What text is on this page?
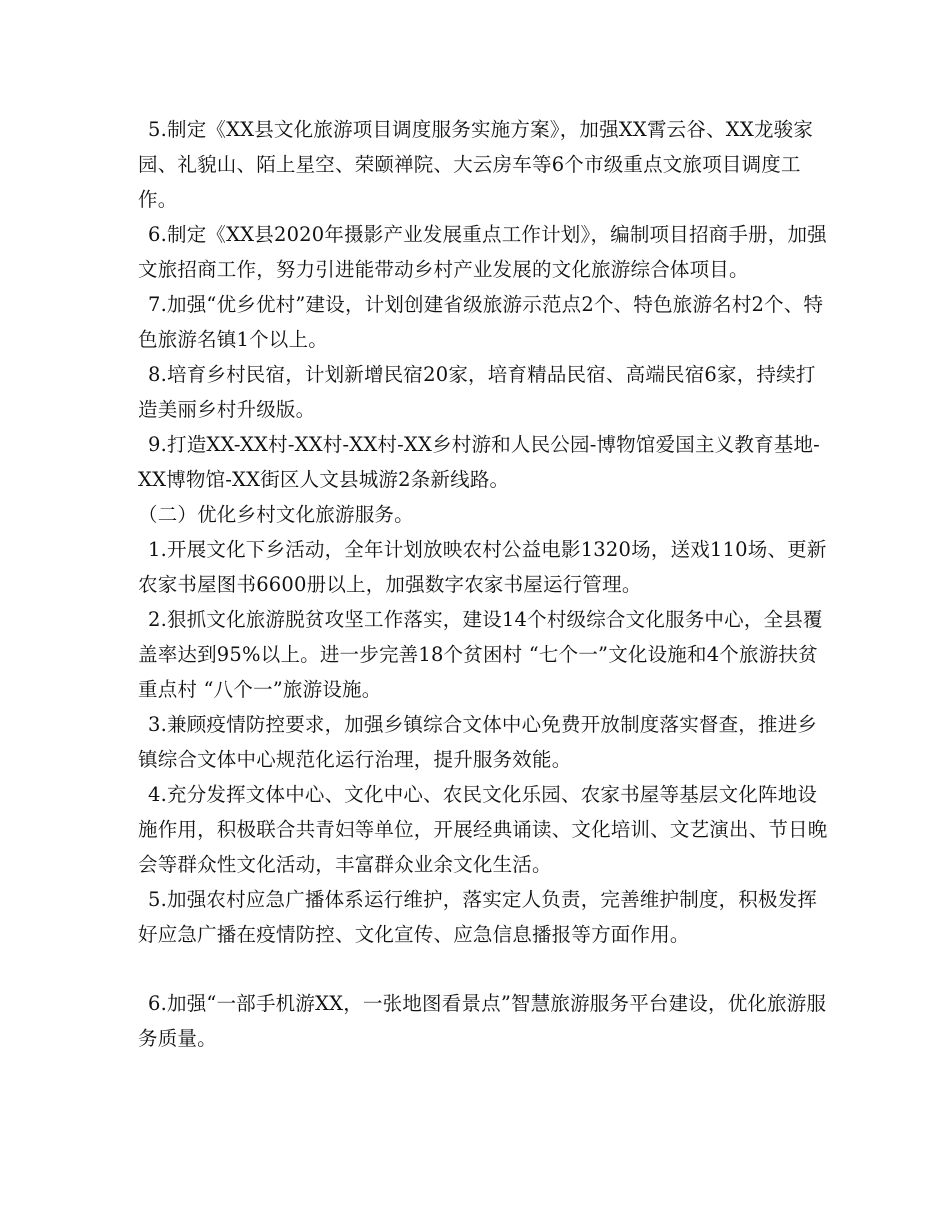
5.制定《XX县文化旅游项目调度服务实施方案》，加强XX霄云谷、XX龙骏家园、礼貌山、陌上星空、荣颐禅院、大云房车等6个市级重点文旅项目调度工作。

6.制定《XX县2020年摄影产业发展重点工作计划》，编制项目招商手册，加强文旅招商工作，努力引进能带动乡村产业发展的文化旅游综合体项目。

7.加强“优乡优村”建设，计划创建省级旅游示范点2个、特色旅游名村2个、特色旅游名镇1个以上。

8.培育乡村民宿，计划新增民宿20家，培育精品民宿、高端民宿6家，持续打造美丽乡村升级版。

9.打造XX-XX村-XX村-XX村-XX乡村游和人民公园-博物馆爱国主义教育基地-XX博物馆-XX街区人文县城游2条新线路。

（二）优化乡村文化旅游服务。

1.开展文化下乡活动，全年计划放映农村公益电影1320场，送戏110场、更新农家书屋图书6600册以上，加强数字农家书屋运行管理。

2.狠抓文化旅游脱贫攻坚工作落实，建设14个村级综合文化服务中心，全县覆盖率达到95%以上。进一步完善18个贫困村 “七个一”文化设施和4个旅游扶贫重点村 “八个一”旅游设施。

3.兼顾疫情防控要求，加强乡镇综合文体中心免费开放制度落实督查，推进乡镇综合文体中心规范化运行治理，提升服务效能。

4.充分发挥文体中心、文化中心、农民文化乐园、农家书屋等基层文化阵地设施作用，积极联合共青妇等单位，开展经典诵读、文化培训、文艺演出、节日晚会等群众性文化活动，丰富群众业余文化生活。

5.加强农村应急广播体系运行维护，落实定人负责，完善维护制度，积极发挥好应急广播在疫情防控、文化宣传、应急信息播报等方面作用。

6.加强“一部手机游XX，一张地图看景点”智慧旅游服务平台建设，优化旅游服务质量。
